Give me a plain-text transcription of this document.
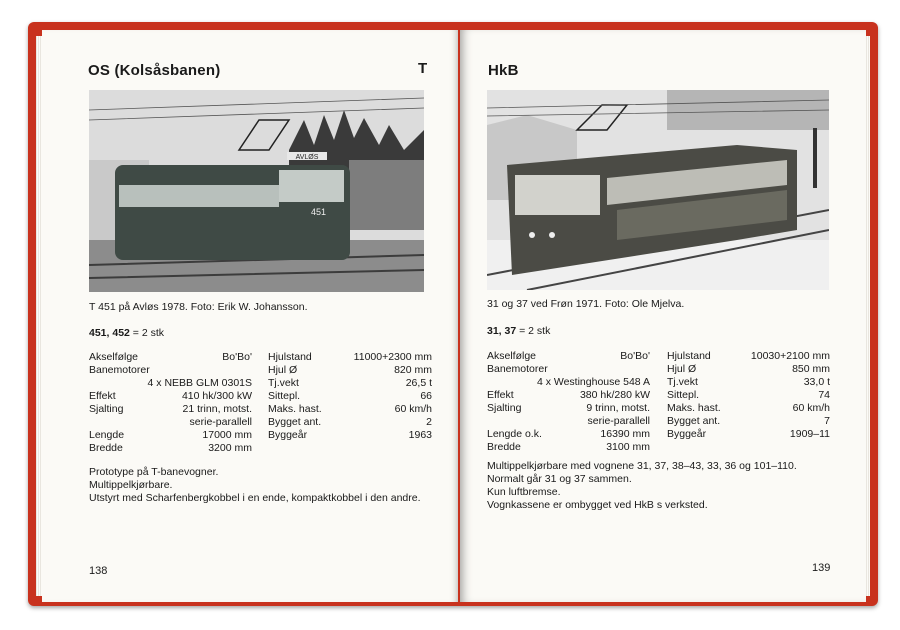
OS (Kolsåsbanen)	T
AVLØS
451
T 451 på Avløs 1978. Foto: Erik W. Johansson.
451, 452 = 2 stk
Akselfølge
Banemotorer
Effekt
Sjalting
Lengde
Bredde
Bo'Bo'
4 x NEBB GLM 0301S
410 hk/300 kW
21 trinn, motst.
serie-parallell
17000 mm
3200 mm
Hjulstand
Hjul Ø
Tj.vekt
Sittepl.
Maks. hast.
Bygget ant.
Byggeår
11000+2300 mm
820 mm
26,5 t
66
60 km/h
2
1963
Prototype på T-banevogner.
Multippelkjørbare.
Utstyrt med Scharfenbergkobbel i en ende, kompaktkobbel i den andre.
138
HkB
31 og 37 ved Frøn 1971. Foto: Ole Mjelva.
31, 37 = 2 stk
Akselfølge
Banemotorer
Effekt
Sjalting
Lengde o.k.
Bredde
Bo'Bo'
4 x Westinghouse 548 A
380 hk/280 kW
9 trinn, motst.
serie-parallell
16390 mm
3100 mm
Hjulstand
Hjul Ø
Tj.vekt
Sittepl.
Maks. hast.
Bygget ant.
Byggeår
10030+2100 mm
850 mm
33,0 t
74
60 km/h
7
1909–11
Multippelkjørbare med vognene 31, 37, 38–43, 33, 36 og 101–110.
Normalt går 31 og 37 sammen.
Kun luftbremse.
Vognkassene er ombygget ved HkB s verksted.
139
